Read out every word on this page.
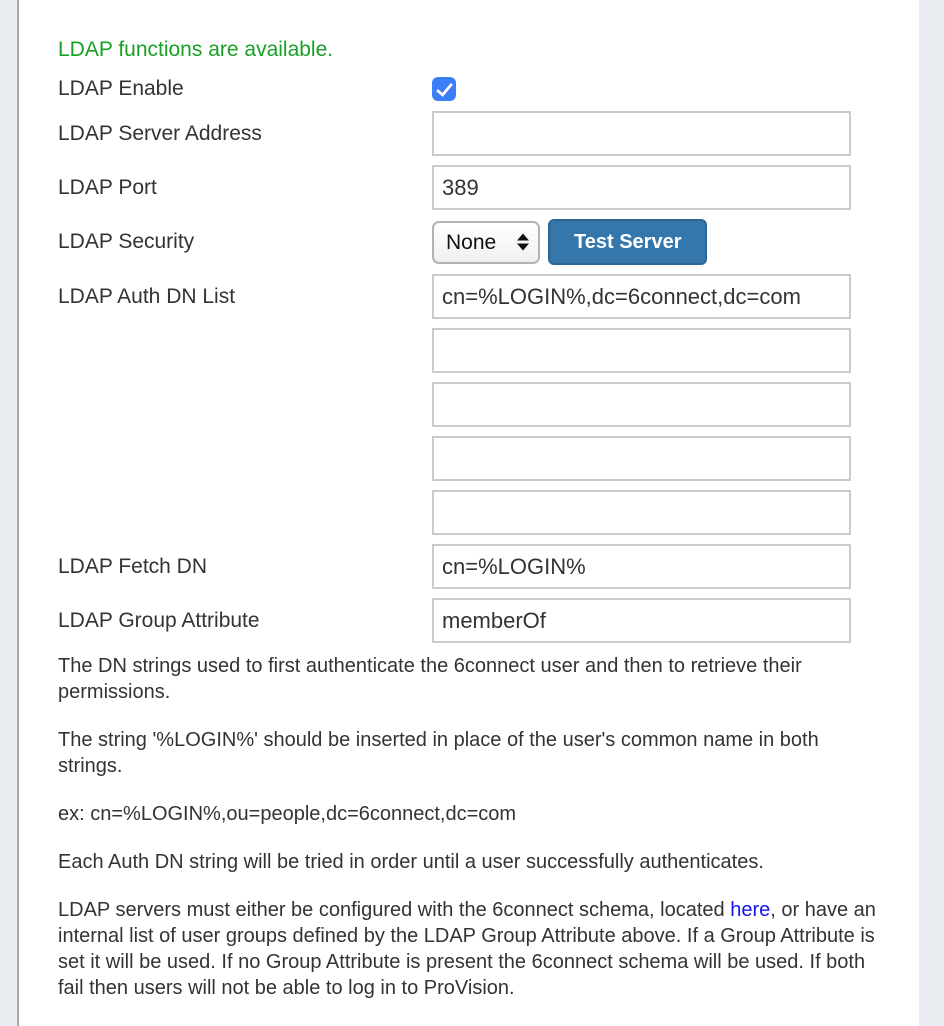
LDAP functions are available.
LDAP Enable
LDAP Server Address
LDAP Port
389
LDAP Security
None	Test Server
LDAP Auth DN List
cn=%LOGIN%,dc=6connect,dc=com
LDAP Fetch DN
cn=%LOGIN%
LDAP Group Attribute
memberOf

The DN strings used to first authenticate the 6connect user and then to retrieve their permissions.

The string '%LOGIN%' should be inserted in place of the user's common name in both strings.

ex: cn=%LOGIN%,ou=people,dc=6connect,dc=com

Each Auth DN string will be tried in order until a user successfully authenticates.

LDAP servers must either be configured with the 6connect schema, located here, or have an internal list of user groups defined by the LDAP Group Attribute above. If a Group Attribute is set it will be used. If no Group Attribute is present the 6connect schema will be used. If both fail then users will not be able to log in to ProVision.
